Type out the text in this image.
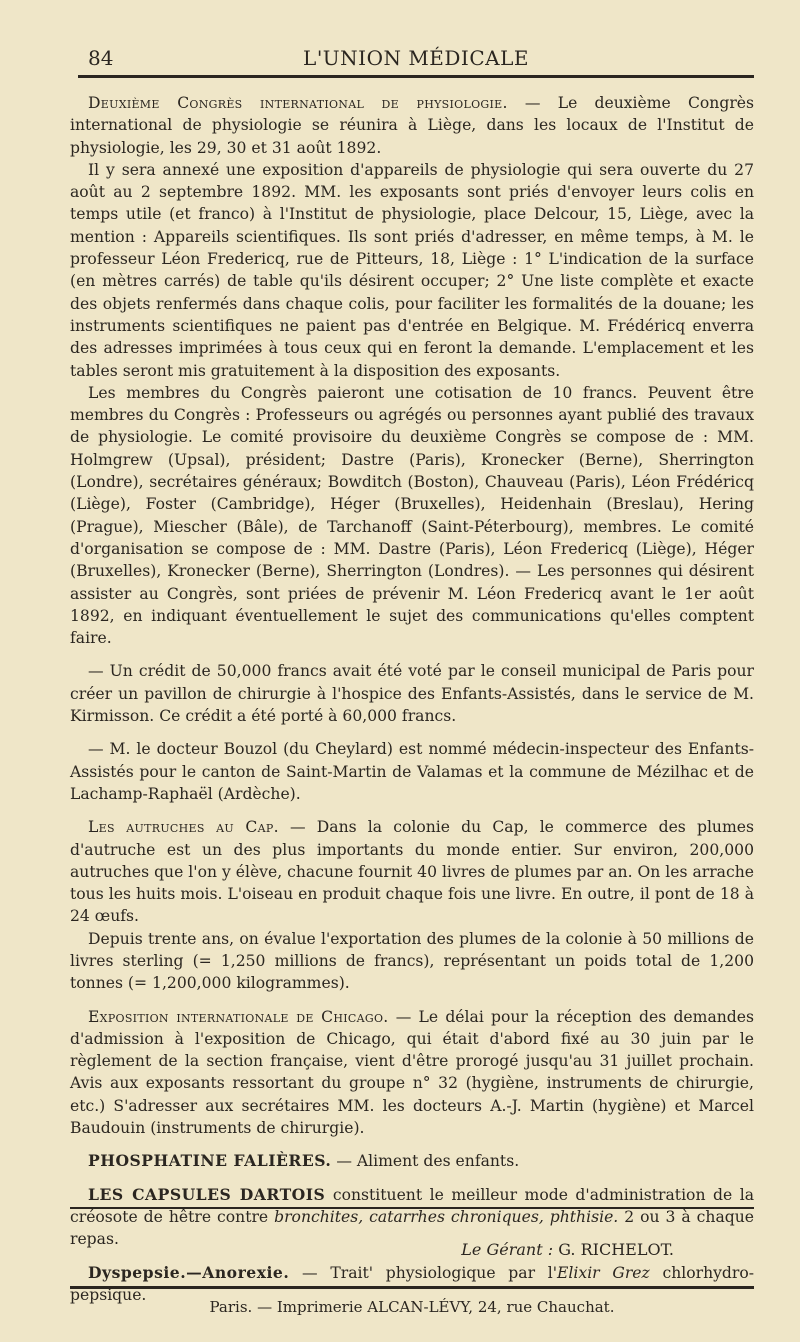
84	L'UNION MÉDICALE

Deuxième Congrès international de physiologie. — Le deuxième Congrès international de physiologie se réunira à Liège, dans les locaux de l'Institut de physiologie, les 29, 30 et 31 août 1892.

Il y sera annexé une exposition d'appareils de physiologie qui sera ouverte du 27 août au 2 septembre 1892. MM. les exposants sont priés d'envoyer leurs colis en temps utile (et franco) à l'Institut de physiologie, place Delcour, 15, Liège, avec la mention : Appareils scientifiques. Ils sont priés d'adresser, en même temps, à M. le professeur Léon Fredericq, rue de Pitteurs, 18, Liège : 1° L'indication de la surface (en mètres carrés) de table qu'ils désirent occuper; 2° Une liste complète et exacte des objets renfermés dans chaque colis, pour faciliter les formalités de la douane; les instruments scientifiques ne paient pas d'entrée en Belgique. M. Frédéricq enverra des adresses imprimées à tous ceux qui en feront la demande. L'emplacement et les tables seront mis gratuitement à la disposition des exposants.

Les membres du Congrès paieront une cotisation de 10 francs. Peuvent être membres du Congrès : Professeurs ou agrégés ou personnes ayant publié des travaux de physiologie. Le comité provisoire du deuxième Congrès se compose de : MM. Holmgrew (Upsal), président; Dastre (Paris), Kronecker (Berne), Sherrington (Londre), secrétaires généraux; Bowditch (Boston), Chauveau (Paris), Léon Frédéricq (Liège), Foster (Cambridge), Héger (Bruxelles), Heidenhain (Breslau), Hering (Prague), Miescher (Bâle), de Tarchanoff (Saint-Péterbourg), membres. Le comité d'organisation se compose de : MM. Dastre (Paris), Léon Fredericq (Liège), Héger (Bruxelles), Kronecker (Berne), Sherrington (Londres). — Les personnes qui désirent assister au Congrès, sont priées de prévenir M. Léon Fredericq avant le 1er août 1892, en indiquant éventuellement le sujet des communications qu'elles comptent faire.

— Un crédit de 50,000 francs avait été voté par le conseil municipal de Paris pour créer un pavillon de chirurgie à l'hospice des Enfants-Assistés, dans le service de M. Kirmisson. Ce crédit a été porté à 60,000 francs.

— M. le docteur Bouzol (du Cheylard) est nommé médecin-inspecteur des Enfants-Assistés pour le canton de Saint-Martin de Valamas et la commune de Mézilhac et de Lachamp-Raphaël (Ardèche).

Les autruches au Cap. — Dans la colonie du Cap, le commerce des plumes d'autruche est un des plus importants du monde entier. Sur environ, 200,000 autruches que l'on y élève, chacune fournit 40 livres de plumes par an. On les arrache tous les huits mois. L'oiseau en produit chaque fois une livre. En outre, il pont de 18 à 24 œufs.

Depuis trente ans, on évalue l'exportation des plumes de la colonie à 50 millions de livres sterling (= 1,250 millions de francs), représentant un poids total de 1,200 tonnes (= 1,200,000 kilogrammes).

Exposition internationale de Chicago. — Le délai pour la réception des demandes d'admission à l'exposition de Chicago, qui était d'abord fixé au 30 juin par le règlement de la section française, vient d'être prorogé jusqu'au 31 juillet prochain. Avis aux exposants ressortant du groupe n° 32 (hygiène, instruments de chirurgie, etc.) S'adresser aux secrétaires MM. les docteurs A.-J. Martin (hygiène) et Marcel Baudouin (instruments de chirurgie).

PHOSPHATINE FALIÈRES. — Aliment des enfants.

LES CAPSULES DARTOIS constituent le meilleur mode d'administration de la créosote de hêtre contre bronchites, catarrhes chroniques, phthisie. 2 ou 3 à chaque repas.

Dyspepsie.—Anorexie. — Trait' physiologique par l'Elixir Grez chlorhydro-pepsique.

Le Gérant : G. RICHELOT.
Paris. — Imprimerie ALCAN-LÉVY, 24, rue Chauchat.
